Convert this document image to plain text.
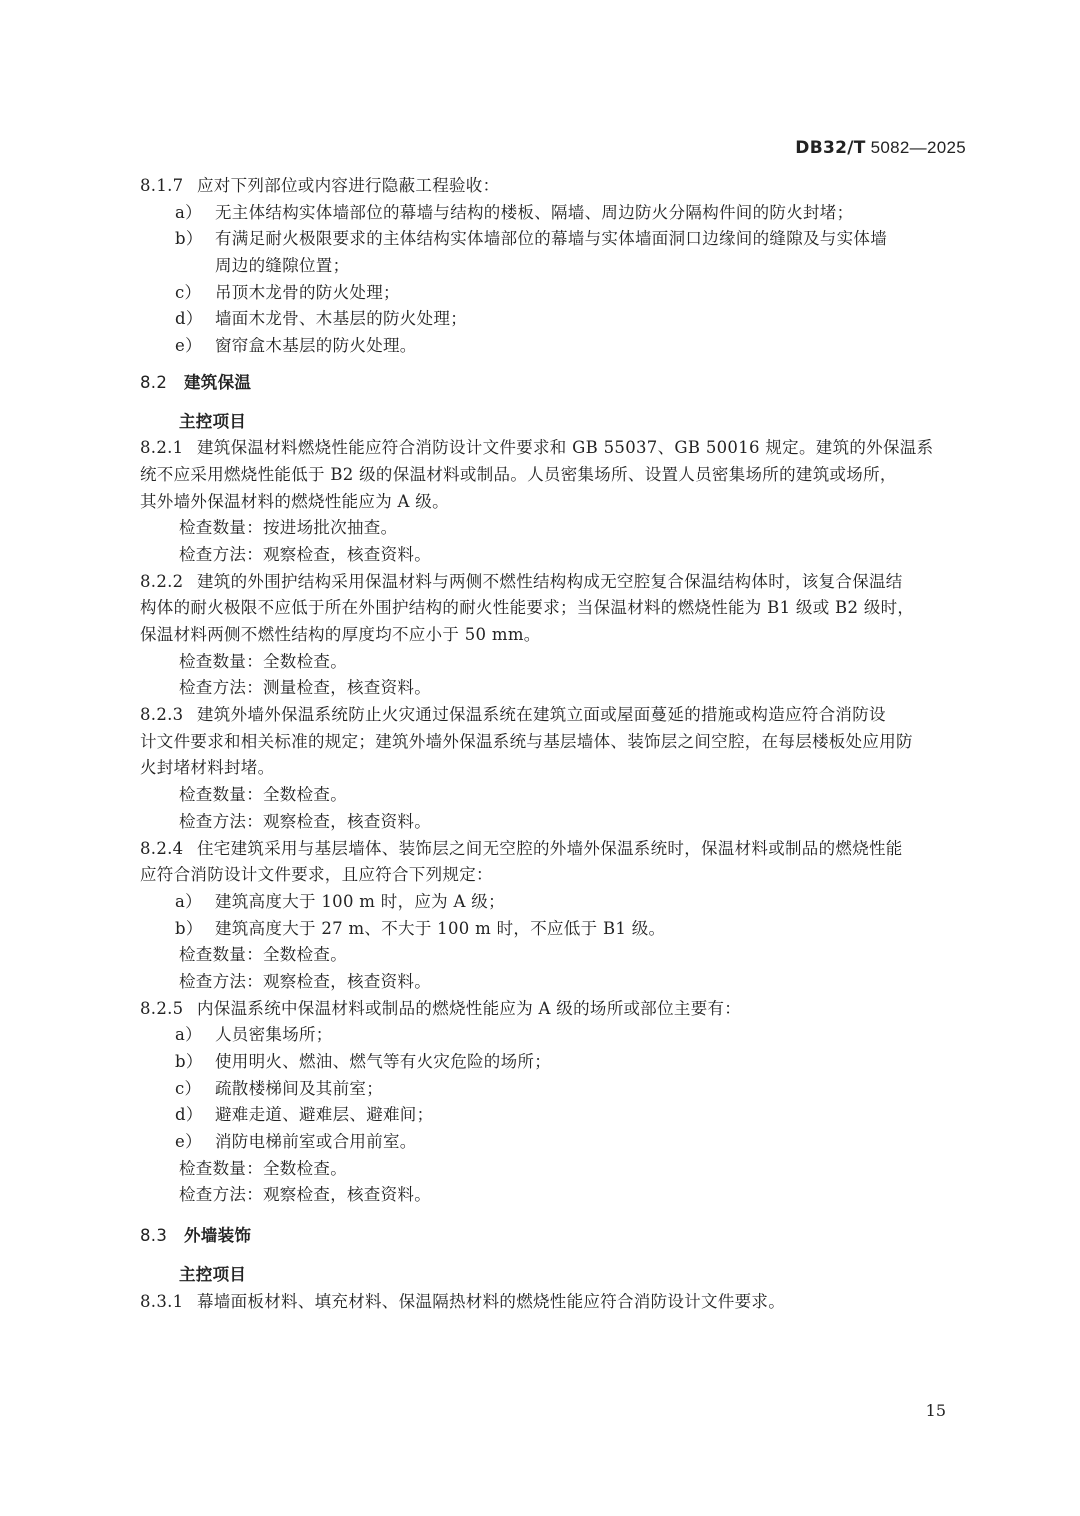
DB32/T 5082—2025
8.1.7 应对下列部位或内容进行隐蔽工程验收：
a） 无主体结构实体墙部位的幕墙与结构的楼板、隔墙、周边防火分隔构件间的防火封堵；
b） 有满足耐火极限要求的主体结构实体墙部位的幕墙与实体墙面洞口边缘间的缝隙及与实体墙
周边的缝隙位置；
c） 吊顶木龙骨的防火处理；
d） 墙面木龙骨、木基层的防火处理；
e） 窗帘盒木基层的防火处理。
8.2 建筑保温
主控项目
8.2.1 建筑保温材料燃烧性能应符合消防设计文件要求和 GB 55037、GB 50016 规定。建筑的外保温系
统不应采用燃烧性能低于 B2 级的保温材料或制品。人员密集场所、设置人员密集场所的建筑或场所，
其外墙外保温材料的燃烧性能应为 A 级。
检查数量：按进场批次抽查。
检查方法：观察检查，核查资料。
8.2.2 建筑的外围护结构采用保温材料与两侧不燃性结构构成无空腔复合保温结构体时，该复合保温结
构体的耐火极限不应低于所在外围护结构的耐火性能要求；当保温材料的燃烧性能为 B1 级或 B2 级时，
保温材料两侧不燃性结构的厚度均不应小于 50 mm。
检查数量：全数检查。
检查方法：测量检查，核查资料。
8.2.3 建筑外墙外保温系统防止火灾通过保温系统在建筑立面或屋面蔓延的措施或构造应符合消防设
计文件要求和相关标准的规定；建筑外墙外保温系统与基层墙体、装饰层之间空腔，在每层楼板处应用防
火封堵材料封堵。
检查数量：全数检查。
检查方法：观察检查，核查资料。
8.2.4 住宅建筑采用与基层墙体、装饰层之间无空腔的外墙外保温系统时，保温材料或制品的燃烧性能
应符合消防设计文件要求，且应符合下列规定：
a） 建筑高度大于 100 m 时，应为 A 级；
b） 建筑高度大于 27 m、不大于 100 m 时，不应低于 B1 级。
检查数量：全数检查。
检查方法：观察检查，核查资料。
8.2.5 内保温系统中保温材料或制品的燃烧性能应为 A 级的场所或部位主要有：
a） 人员密集场所；
b） 使用明火、燃油、燃气等有火灾危险的场所；
c） 疏散楼梯间及其前室；
d） 避难走道、避难层、避难间；
e） 消防电梯前室或合用前室。
检查数量：全数检查。
检查方法：观察检查，核查资料。
8.3 外墙装饰
主控项目
8.3.1 幕墙面板材料、填充材料、保温隔热材料的燃烧性能应符合消防设计文件要求。
15
